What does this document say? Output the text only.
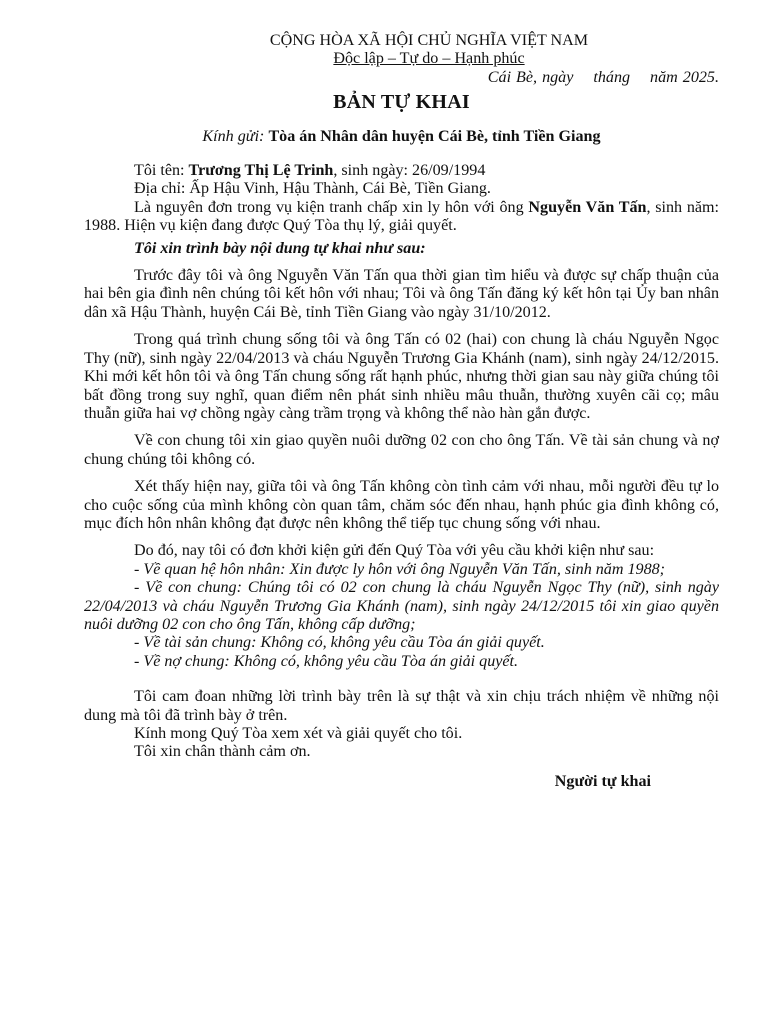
CỘNG HÒA XÃ HỘI CHỦ NGHĨA VIỆT NAM
Độc lập – Tự do – Hạnh phúc
Cái Bè, ngày tháng năm 2025.
BẢN TỰ KHAI
Kính gửi: Tòa án Nhân dân huyện Cái Bè, tỉnh Tiền Giang

Tôi tên: Trương Thị Lệ Trinh, sinh ngày: 26/09/1994

Địa chỉ: Ấp Hậu Vinh, Hậu Thành, Cái Bè, Tiền Giang.

Là nguyên đơn trong vụ kiện tranh chấp xin ly hôn với ông Nguyễn Văn Tấn, sinh năm: 1988. Hiện vụ kiện đang được Quý Tòa thụ lý, giải quyết.

Tôi xin trình bày nội dung tự khai như sau:

Trước đây tôi và ông Nguyễn Văn Tấn qua thời gian tìm hiểu và được sự chấp thuận của hai bên gia đình nên chúng tôi kết hôn với nhau; Tôi và ông Tấn đăng ký kết hôn tại Ủy ban nhân dân xã Hậu Thành, huyện Cái Bè, tỉnh Tiền Giang vào ngày 31/10/2012.

Trong quá trình chung sống tôi và ông Tấn có 02 (hai) con chung là cháu Nguyễn Ngọc Thy (nữ), sinh ngày 22/04/2013 và cháu Nguyễn Trương Gia Khánh (nam), sinh ngày 24/12/2015. Khi mới kết hôn tôi và ông Tấn chung sống rất hạnh phúc, nhưng thời gian sau này giữa chúng tôi bất đồng trong suy nghĩ, quan điểm nên phát sinh nhiều mâu thuẫn, thường xuyên cãi cọ; mâu thuẫn giữa hai vợ chồng ngày càng trầm trọng và không thể nào hàn gắn được.

Về con chung tôi xin giao quyền nuôi dưỡng 02 con cho ông Tấn. Về tài sản chung và nợ chung chúng tôi không có.

Xét thấy hiện nay, giữa tôi và ông Tấn không còn tình cảm với nhau, mỗi người đều tự lo cho cuộc sống của mình không còn quan tâm, chăm sóc đến nhau, hạnh phúc gia đình không có, mục đích hôn nhân không đạt được nên không thể tiếp tục chung sống với nhau.

Do đó, nay tôi có đơn khởi kiện gửi đến Quý Tòa với yêu cầu khởi kiện như sau:

- Về quan hệ hôn nhân: Xin được ly hôn với ông Nguyễn Văn Tấn, sinh năm 1988;

- Về con chung: Chúng tôi có 02 con chung là cháu Nguyễn Ngọc Thy (nữ), sinh ngày 22/04/2013 và cháu Nguyễn Trương Gia Khánh (nam), sinh ngày 24/12/2015 tôi xin giao quyền nuôi dưỡng 02 con cho ông Tấn, không cấp dưỡng;

- Về tài sản chung: Không có, không yêu cầu Tòa án giải quyết.

- Về nợ chung: Không có, không yêu cầu Tòa án giải quyết.

Tôi cam đoan những lời trình bày trên là sự thật và xin chịu trách nhiệm về những nội dung mà tôi đã trình bày ở trên.

Kính mong Quý Tòa xem xét và giải quyết cho tôi.

Tôi xin chân thành cảm ơn.

Người tự khai
